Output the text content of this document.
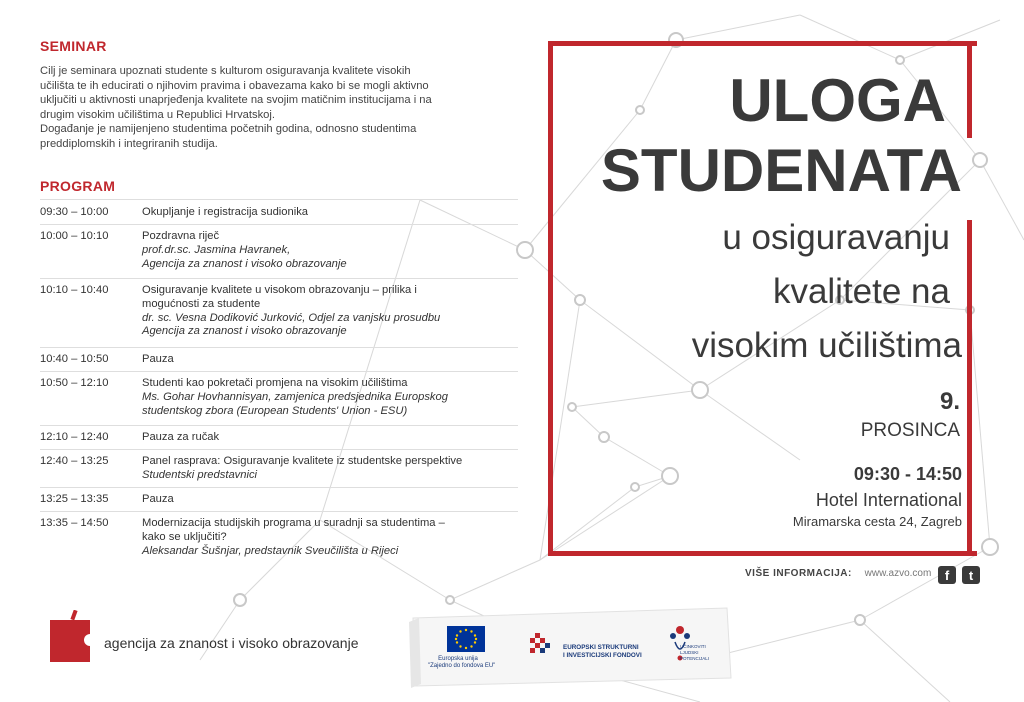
SEMINAR

Cilj je seminara upoznati studente s kulturom osiguravanja kvalitete visokih

učilišta te ih educirati o njihovim pravima i obavezama kako bi se mogli aktivno

uključiti u aktivnosti unaprjeđenja kvalitete na svojim matičnim institucijama i na

drugim visokim učilištima u Republici Hrvatskoj.

Događanje je namijenjeno studentima početnih godina, odnosno studentima

preddiplomskih i integriranih studija.

PROGRAM
09:30 – 10:00	Okupljanje i registracija sudionika
10:00 – 10:10	Pozdravna riječ
prof.dr.sc. Jasmina Havranek,
Agencija za znanost i visoko obrazovanje
10:10 – 10:40	Osiguravanje kvalitete u visokom obrazovanju – prilika i
mogućnosti za studente
dr. sc. Vesna Dodiković Jurković, Odjel za vanjsku prosudbu
Agencija za znanost i visoko obrazovanje
10:40 – 10:50	Pauza
10:50 – 12:10	Studenti kao pokretači promjena na visokim učilištima
Ms. Gohar Hovhannisyan, zamjenica predsjednika Europskog
studentskog zbora (European Students' Union - ESU)
12:10 – 12:40	Pauza za ručak
12:40 – 13:25	Panel rasprava: Osiguravanje kvalitete iz studentske perspektive
Studentski predstavnici
13:25 – 13:35	Pauza
13:35 – 14:50	Modernizacija studijskih programa u suradnji sa studentima –
kako se uključiti?
Aleksandar Šušnjar, predstavnik Sveučilišta u Rijeci
ULOGA
STUDENATA
u osiguravanju
kvalitete na
visokim učilištima
9.
PROSINCA
09:30 - 14:50
Hotel International
Miramarska cesta 24, Zagreb
VIŠE INFORMACIJA: www.azvo.com	f	t
agencija za znanost i visoko obrazovanje
Europska unija
"Zajedno do fondova EU"
EUROPSKI STRUKTURNI
I INVESTICIJSKI FONDOVI
UČINKOVITI
LJUDSKI
POTENCIJALI
